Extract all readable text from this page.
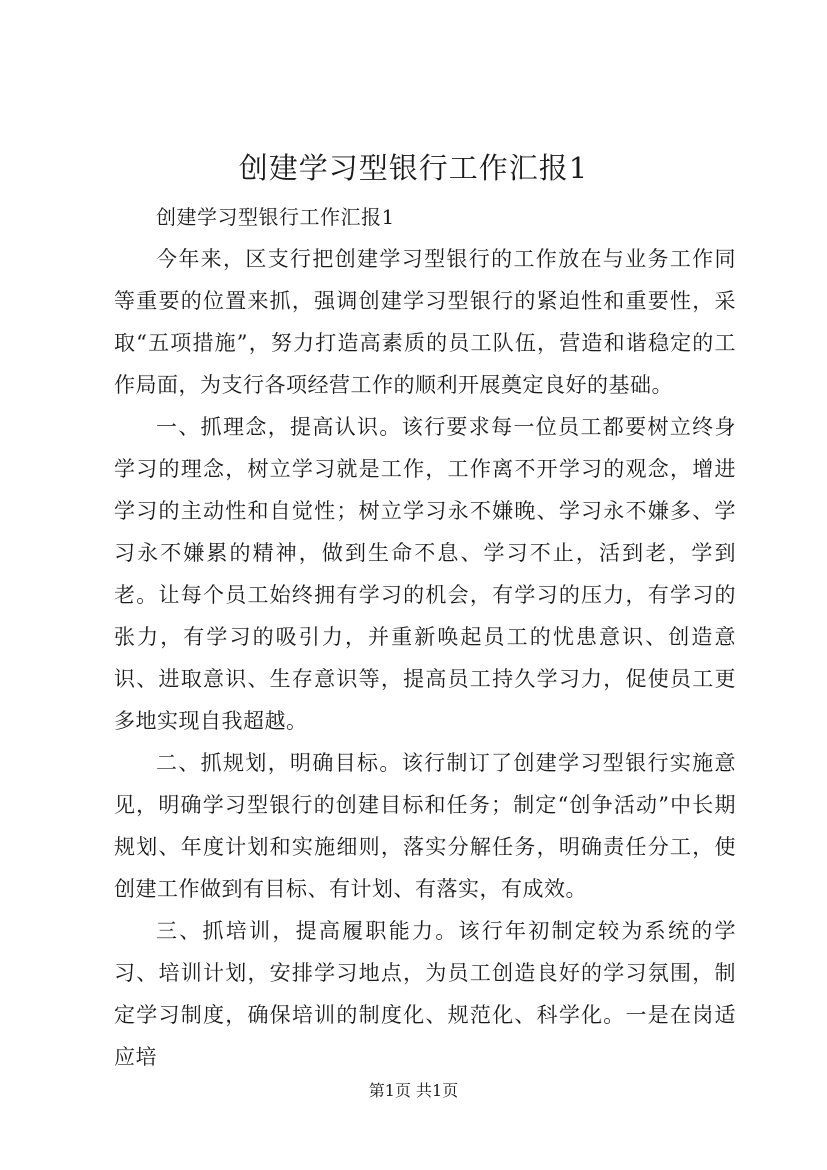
创建学习型银行工作汇报1

创建学习型银行工作汇报1

今年来，区支行把创建学习型银行的工作放在与业务工作同等重要的位置来抓，强调创建学习型银行的紧迫性和重要性，采取“五项措施”，努力打造高素质的员工队伍，营造和谐稳定的工作局面，为支行各项经营工作的顺利开展奠定良好的基础。

一、抓理念，提高认识。该行要求每一位员工都要树立终身学习的理念，树立学习就是工作，工作离不开学习的观念，增进学习的主动性和自觉性；树立学习永不嫌晚、学习永不嫌多、学习永不嫌累的精神，做到生命不息、学习不止，活到老，学到老。让每个员工始终拥有学习的机会，有学习的压力，有学习的张力，有学习的吸引力，并重新唤起员工的忧患意识、创造意识、进取意识、生存意识等，提高员工持久学习力，促使员工更多地实现自我超越。

二、抓规划，明确目标。该行制订了创建学习型银行实施意见，明确学习型银行的创建目标和任务；制定“创争活动”中长期规划、年度计划和实施细则，落实分解任务，明确责任分工，使创建工作做到有目标、有计划、有落实，有成效。

三、抓培训，提高履职能力。该行年初制定较为系统的学习、培训计划，安排学习地点，为员工创造良好的学习氛围，制定学习制度，确保培训的制度化、规范化、科学化。一是在岗适应培

第1页 共1页
